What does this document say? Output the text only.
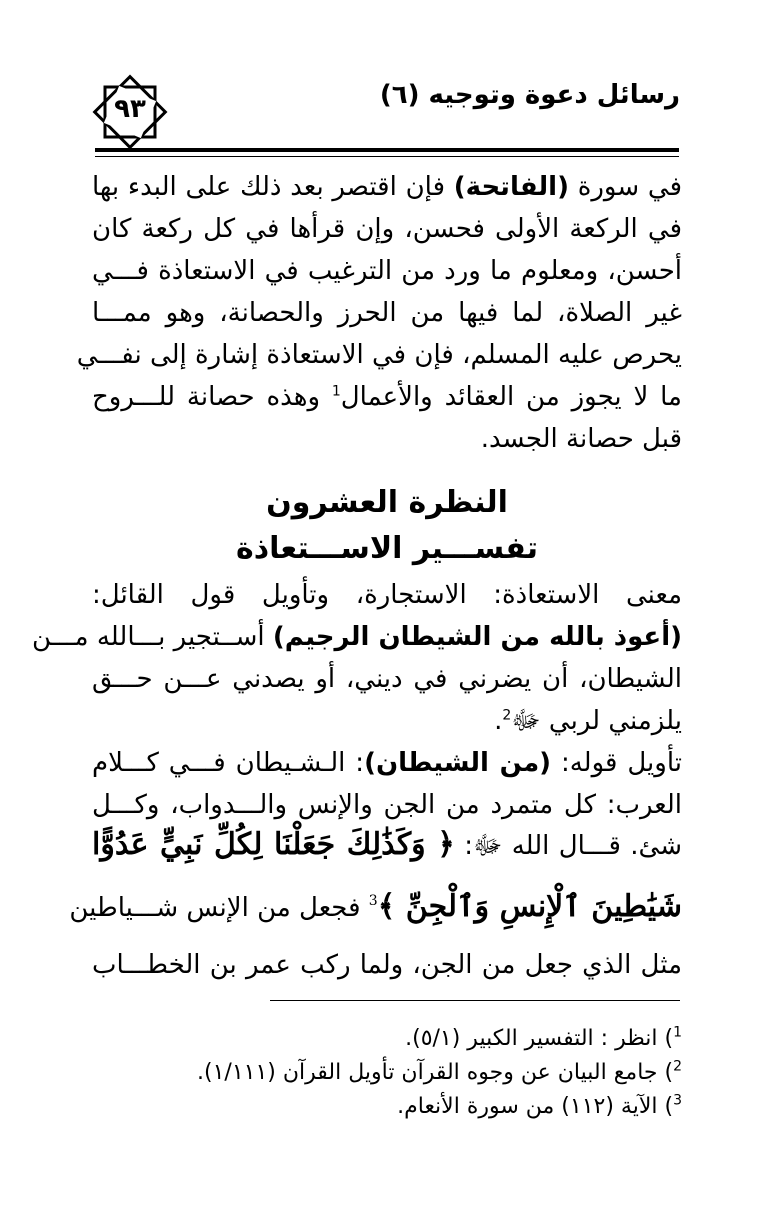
رسائل دعوة وتوجيه (٦)
٩٣
في سورة (الفاتحة) فإن اقتصر بعد ذلك على البدء بها
في الركعة الأولى فحسن، وإن قرأها في كل ركعة كان
أحسن، ومعلوم ما ورد من الترغيب في الاستعاذة فـــي
غير الصلاة، لما فيها من الحرز والحصانة، وهو ممـــا
يحرص عليه المسلم، فإن في الاستعاذة إشارة إلى نفـــي
ما لا يجوز من العقائد والأعمال$^1$ وهذه حصانة للـــروح
قبل حصانة الجسد.
النظرة العشرون
تفســـير الاســـتعاذة
معنى الاستعاذة: الاستجارة، وتأويل قول القائل:
(أعوذ بالله من الشيطان الرجيم) أســتجير بـــالله مـــن
الشيطان، أن يضرني في ديني، أو يصدني عـــن حـــق
يلزمني لربي ﷻ$^2$.
تأويل قوله: (من الشيطان): الـشـيطان فـــي كـــلام
العرب: كل متمرد من الجن والإنس والـــدواب، وكـــل
شئ. قـــال الله ﷻ: ﴿ وَكَذَٰلِكَ جَعَلْنَا لِكُلِّ نَبِيٍّ عَدُوًّا
شَيَٰطِينَ ٱلْإِنسِ وَٱلْجِنِّ ﴾$^3$ فجعل من الإنس شـــياطين
مثل الذي جعل من الجن، ولما ركب عمر بن الخطـــاب
$^1$) انظر : التفسير الكبير (٥/١).
$^2$) جامع البيان عن وجوه القرآن تأويل القرآن (١/١١١).
$^3$) الآية (١١٢) من سورة الأنعام.
